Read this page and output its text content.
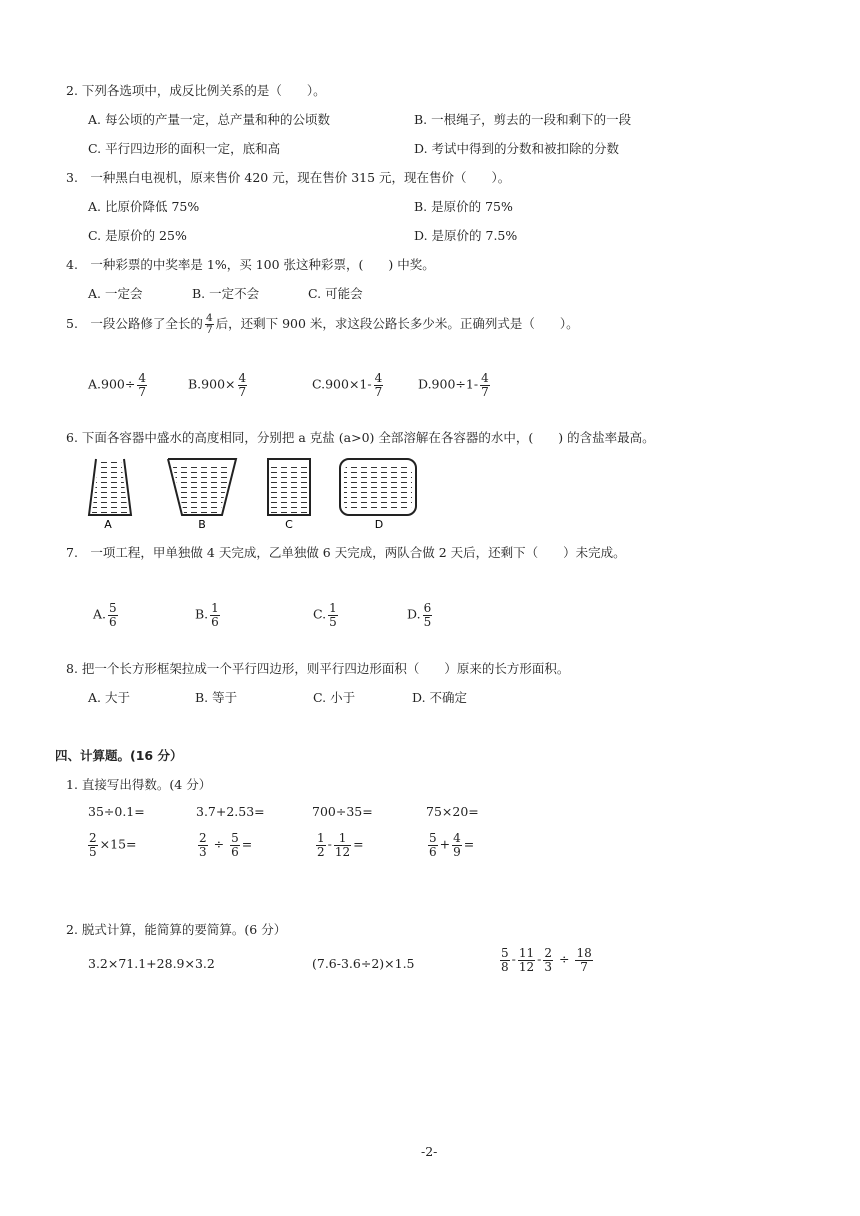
2. 下列各选项中，成反比例关系的是（　　）。
A. 每公顷的产量一定，总产量和种的公顷数	B. 一根绳子，剪去的一段和剩下的一段
C. 平行四边形的面积一定，底和高	D. 考试中得到的分数和被扣除的分数
3.　一种黑白电视机，原来售价 420 元，现在售价 315 元，现在售价（　　）。
A. 比原价降低 75%	B. 是原价的 75%
C. 是原价的 25%	D. 是原价的 7.5%
4.　一种彩票的中奖率是 1%，买 100 张这种彩票，(　　) 中奖。
A. 一定会	B. 一定不会	C. 可能会
5.　一段公路修了全长的 $\frac{4}{7}$ 后，还剩下 900 米，求这段公路长多少米。正确列式是（　　）。
$A.900\div \frac{4}{7}$	$B.900\times \frac{4}{7}$	$C.900\times 1- \frac{4}{7}$	$D.900\div 1- \frac{4}{7}$
6. 下面各容器中盛水的高度相同，分别把 a 克盐 (a>0) 全部溶解在各容器的水中，(　　) 的含盐率最高。
A	B	C	D
7.　一项工程，甲单独做 4 天完成，乙单独做 6 天完成，两队合做 2 天后，还剩下（　　）未完成。
A. $\frac{5}{6}$	B. $\frac{1}{6}$	C. $\frac{1}{5}$	D. $\frac{6}{5}$
8. 把一个长方形框架拉成一个平行四边形，则平行四边形面积（　　）原来的长方形面积。
A. 大于	B. 等于	C. 小于	D. 不确定
四、计算题。(16 分）
1. 直接写出得数。(4 分）
35÷0.1=	3.7+2.53=	700÷35=	75×20=
$\frac{2}{5} \times 15=$	$\frac{2}{3} \div \frac{5}{6}$ =	$\frac{1}{2} - \frac{1}{12}$ =	$\frac{5}{6} + \frac{4}{9}$ =
2. 脱式计算，能简算的要简算。(6 分）
3.2×71.1+28.9×3.2	(7.6-3.6÷2)×1.5	$\frac{5}{8} - \frac{11}{12} - \frac{2}{3} \div \frac{18}{7}$
-2-
